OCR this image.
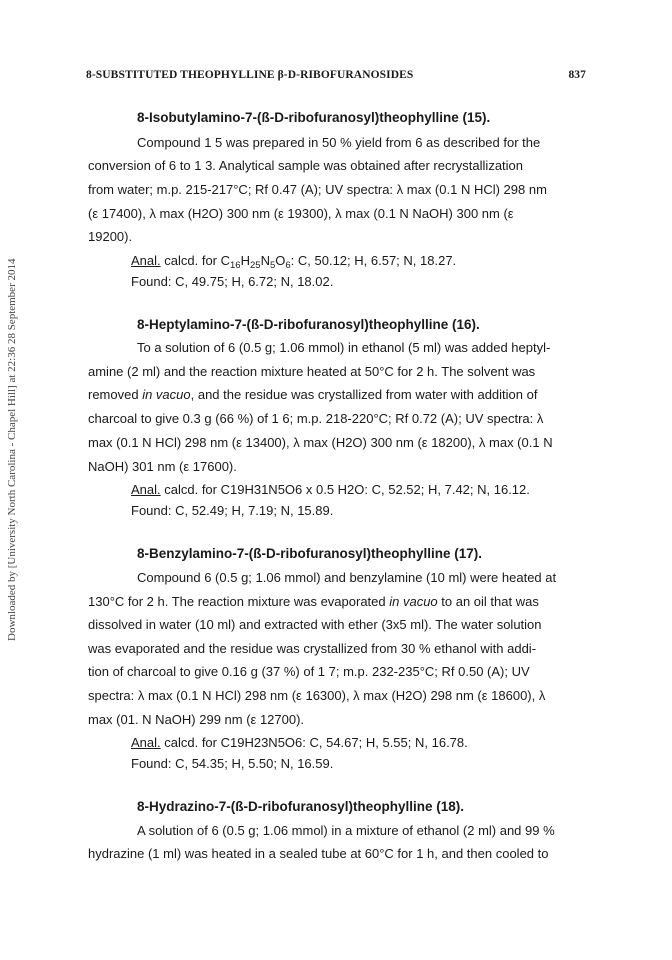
8-SUBSTITUTED THEOPHYLLINE β-D-RIBOFURANOSIDES	837
Downloaded by [University North Carolina - Chapel Hill] at 22:36 28 September 2014
8-Isobutylamino-7-(ß-D-ribofuranosyl)theophylline (15).
Compound 1 5 was prepared in 50 % yield from 6 as described for the
conversion of 6 to 1 3. Analytical sample was obtained after recrystallization
from water; m.p. 215-217°C; Rf 0.47 (A); UV spectra: λ max (0.1 N HCl) 298 nm
(ε 17400), λ max (H2O) 300 nm (ε 19300), λ max (0.1 N NaOH) 300 nm (ε
19200).
Anal. calcd. for $C_{16}H_{25}N_5O_6$: C, 50.12; H, 6.57; N, 18.27.
Found: C, 49.75; H, 6.72; N, 18.02.
8-Heptylamino-7-(ß-D-ribofuranosyl)theophylline (16).
To a solution of 6 (0.5 g; 1.06 mmol) in ethanol (5 ml) was added heptyl-
amine (2 ml) and the reaction mixture heated at 50°C for 2 h. The solvent was
removed in vacuo, and the residue was crystallized from water with addition of
charcoal to give 0.3 g (66 %) of 1 6; m.p. 218-220°C; Rf 0.72 (A); UV spectra: λ
max (0.1 N HCl) 298 nm (ε 13400), λ max (H2O) 300 nm (ε 18200), λ max (0.1 N
NaOH) 301 nm (ε 17600).
Anal. calcd. for C19H31N5O6 x 0.5 H2O: C, 52.52; H, 7.42; N, 16.12.
Found: C, 52.49; H, 7.19; N, 15.89.
8-Benzylamino-7-(ß-D-ribofuranosyl)theophylline (17).
Compound 6 (0.5 g; 1.06 mmol) and benzylamine (10 ml) were heated at
130°C for 2 h. The reaction mixture was evaporated in vacuo to an oil that was
dissolved in water (10 ml) and extracted with ether (3x5 ml). The water solution
was evaporated and the residue was crystallized from 30 % ethanol with addi-
tion of charcoal to give 0.16 g (37 %) of 1 7; m.p. 232-235°C; Rf 0.50 (A); UV
spectra: λ max (0.1 N HCl) 298 nm (ε 16300), λ max (H2O) 298 nm (ε 18600), λ
max (01. N NaOH) 299 nm (ε 12700).
Anal. calcd. for C19H23N5O6: C, 54.67; H, 5.55; N, 16.78.
Found: C, 54.35; H, 5.50; N, 16.59.
8-Hydrazino-7-(ß-D-ribofuranosyl)theophylline (18).
A solution of 6 (0.5 g; 1.06 mmol) in a mixture of ethanol (2 ml) and 99 %
hydrazine (1 ml) was heated in a sealed tube at 60°C for 1 h, and then cooled to
